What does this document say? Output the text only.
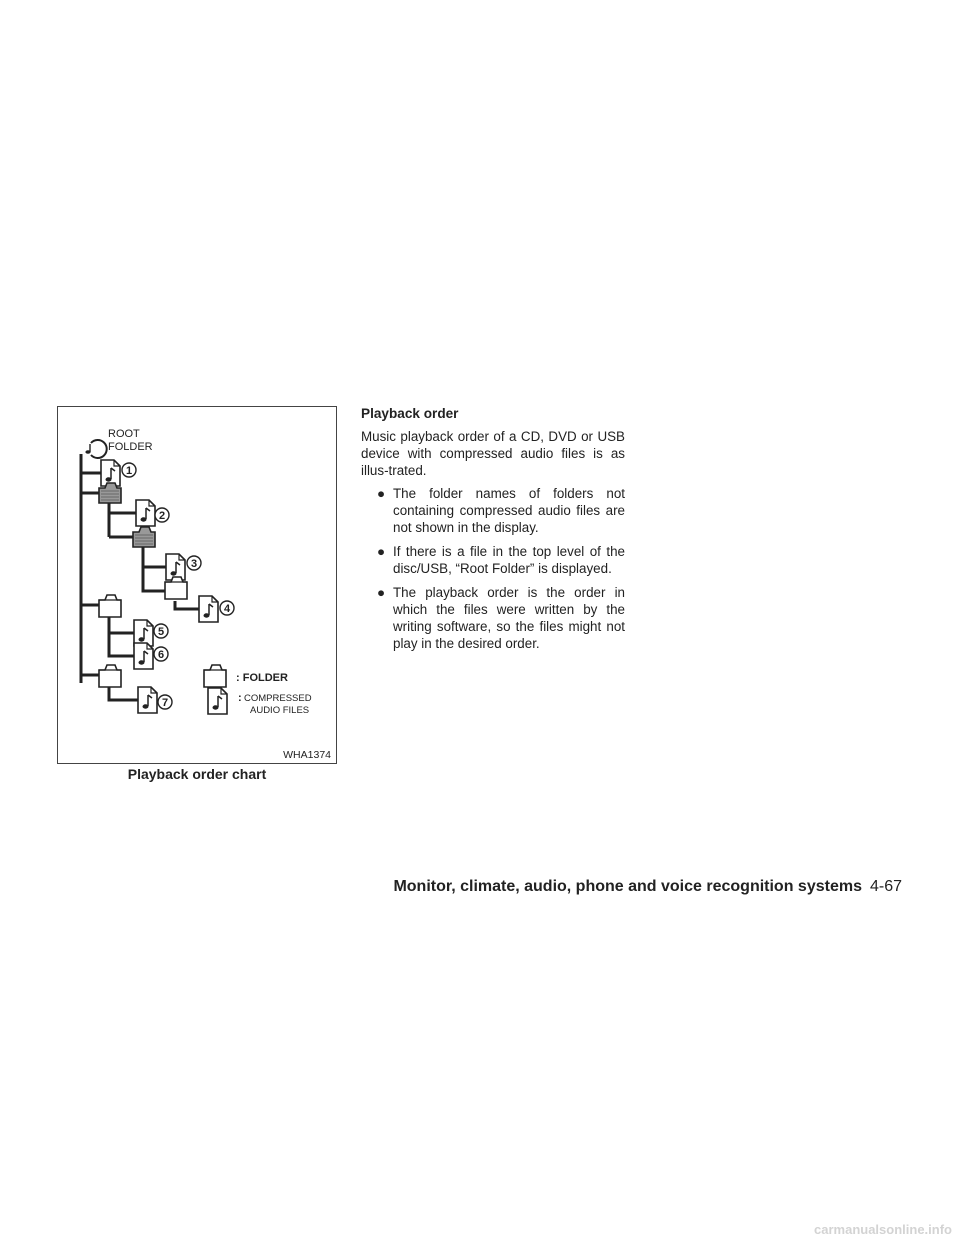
ROOT
FOLDER
1
2
3
4
5
6
7
: FOLDER
: COMPRESSED
AUDIO FILES
WHA1374
Playback order chart
Playback order

Music playback order of a CD, DVD or USB device with compressed audio files is as illus-trated.

● The folder names of folders not containing compressed audio files are not shown in the display.
● If there is a file in the top level of the disc/USB, “Root Folder” is displayed.
● The playback order is the order in which the files were written by the writing software, so the files might not play in the desired order.
Monitor, climate, audio, phone and voice recognition systems 4-67
carmanualsonline.info
